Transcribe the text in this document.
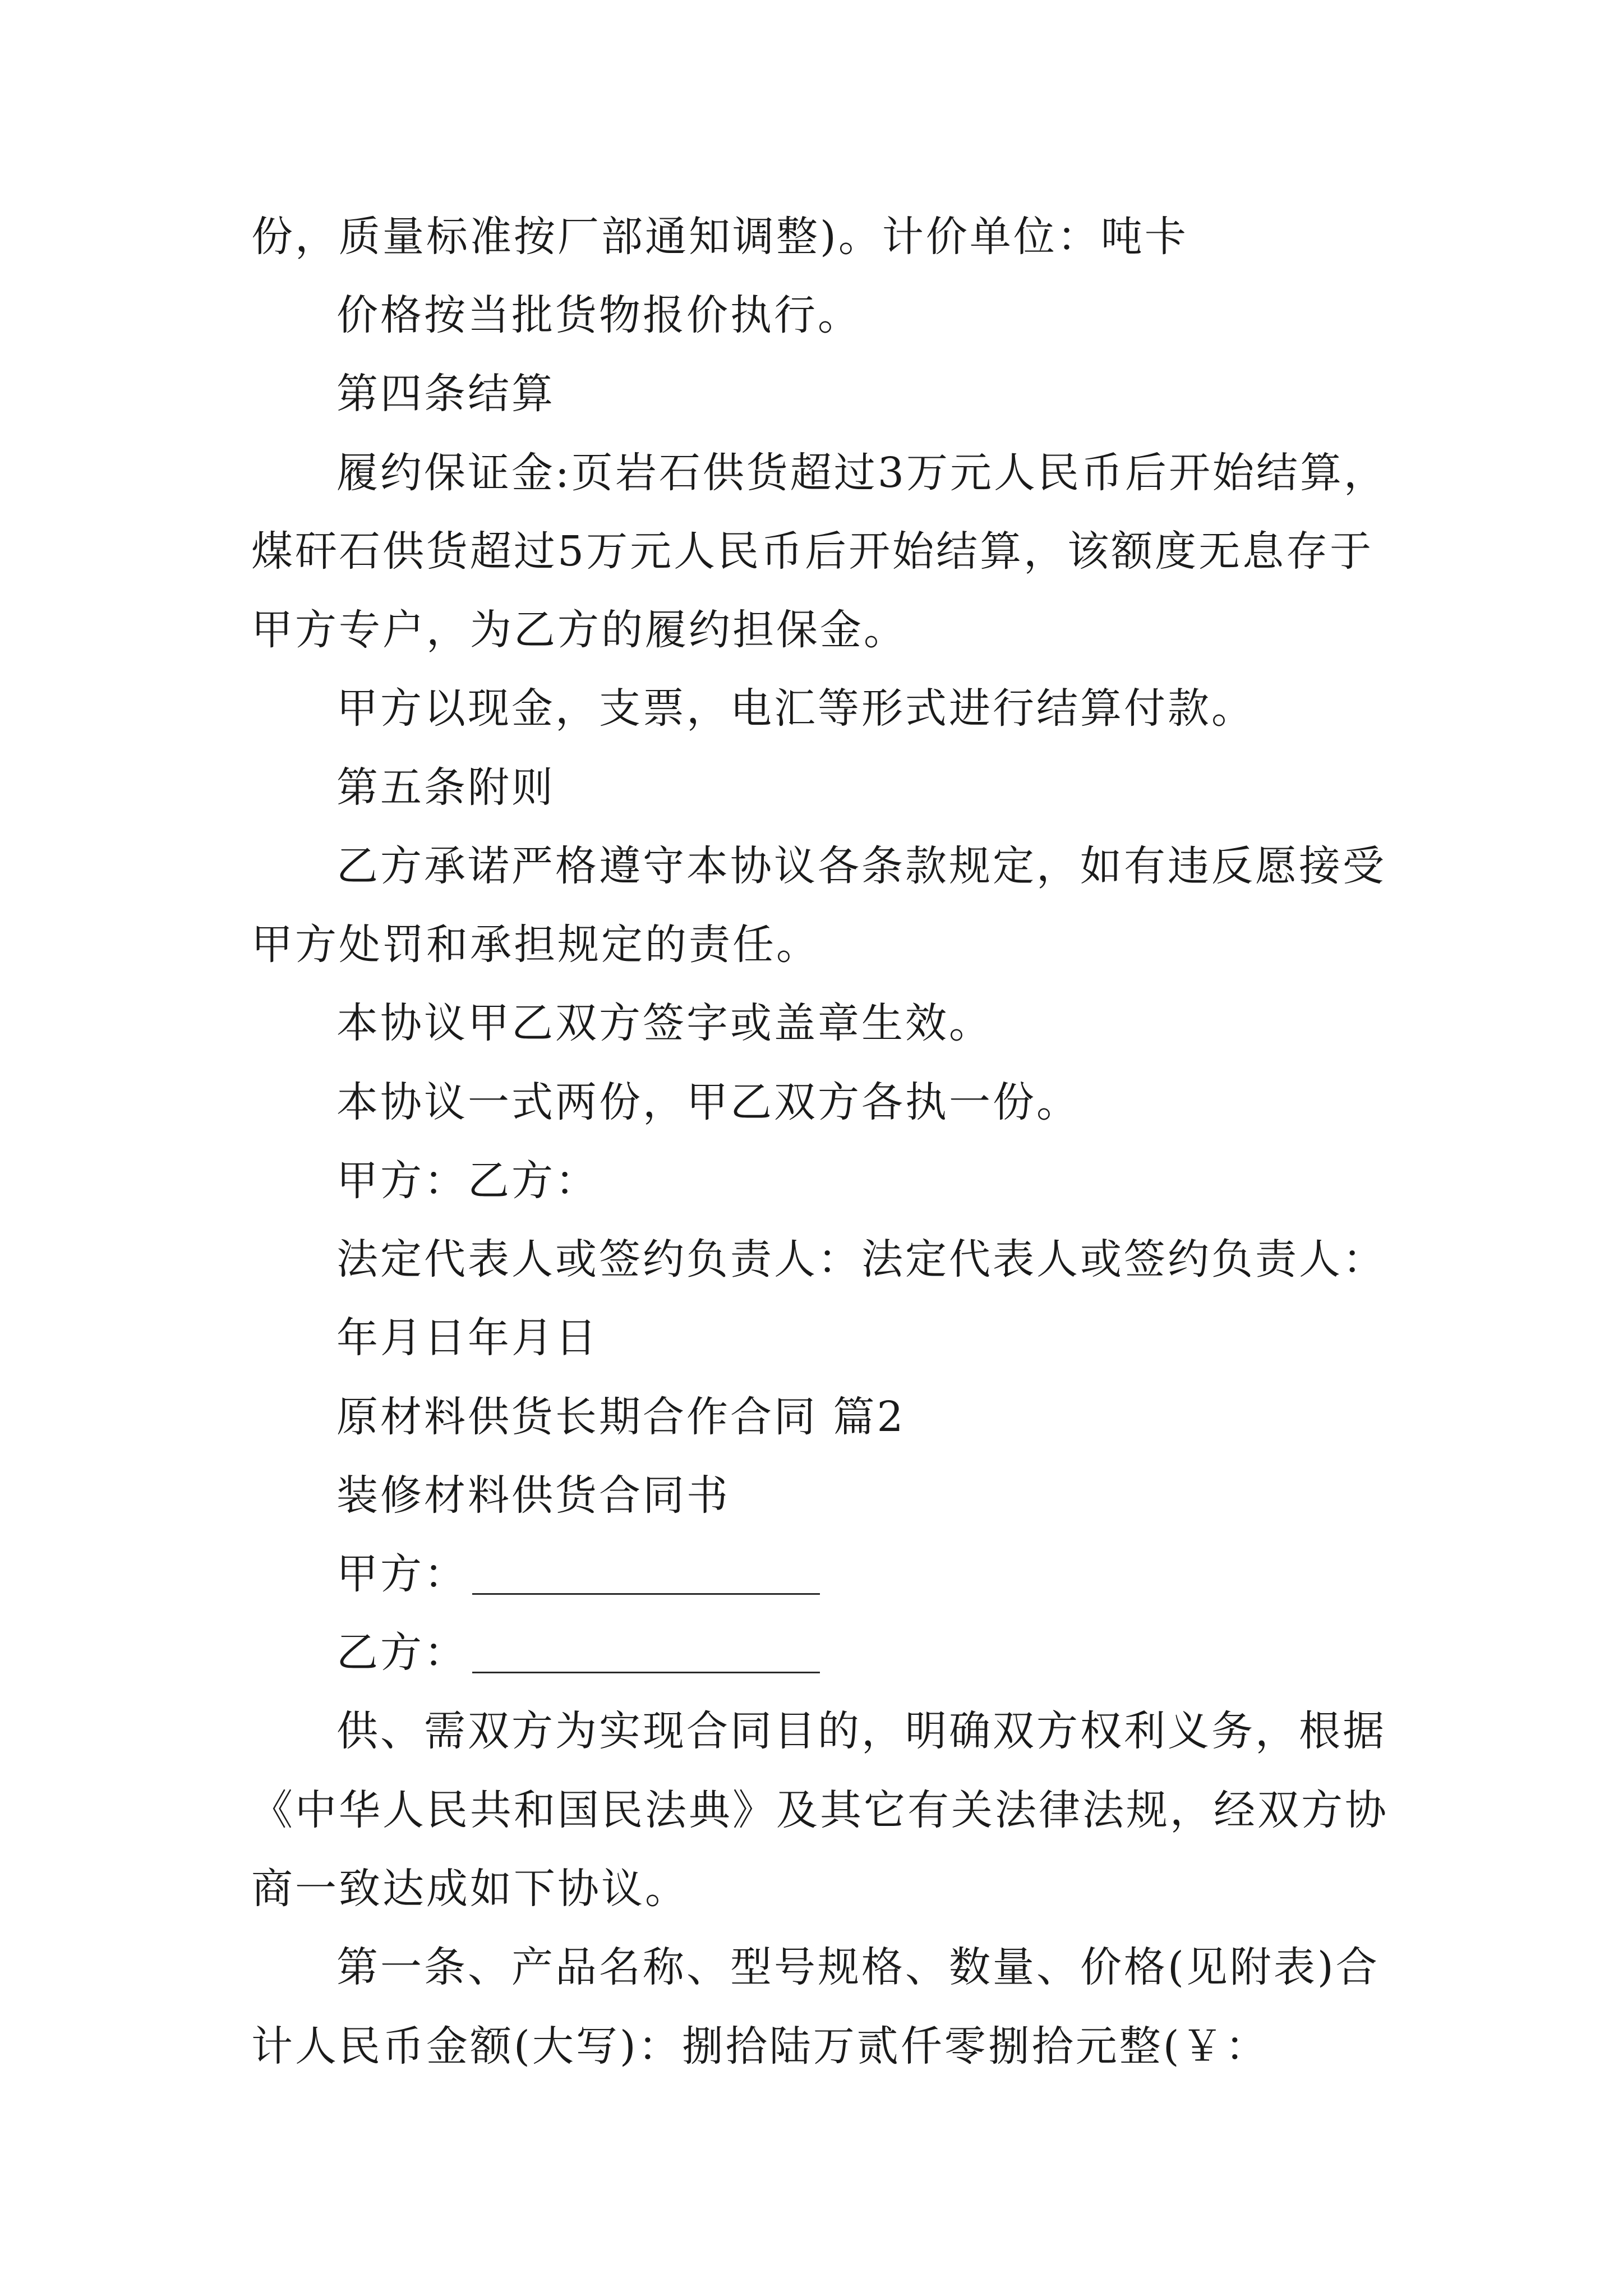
份，质量标准按厂部通知调整)。计价单位：吨卡
价格按当批货物报价执行。
第四条结算
履约保证金:页岩石供货超过3万元人民币后开始结算，
煤矸石供货超过5万元人民币后开始结算，该额度无息存于
甲方专户，为乙方的履约担保金。
甲方以现金，支票，电汇等形式进行结算付款。
第五条附则
乙方承诺严格遵守本协议各条款规定，如有违反愿接受
甲方处罚和承担规定的责任。
本协议甲乙双方签字或盖章生效。
本协议一式两份，甲乙双方各执一份。
甲方：乙方：
法定代表人或签约负责人：法定代表人或签约负责人：
年月日年月日
原材料供货长期合作合同 篇2
装修材料供货合同书
甲方：
乙方：
供、需双方为实现合同目的，明确双方权利义务，根据
《中华人民共和国民法典》及其它有关法律法规，经双方协
商一致达成如下协议。
第一条、产品名称、型号规格、数量、价格(见附表)合
计人民币金额(大写)：捌拾陆万贰仟零捌拾元整(￥：
